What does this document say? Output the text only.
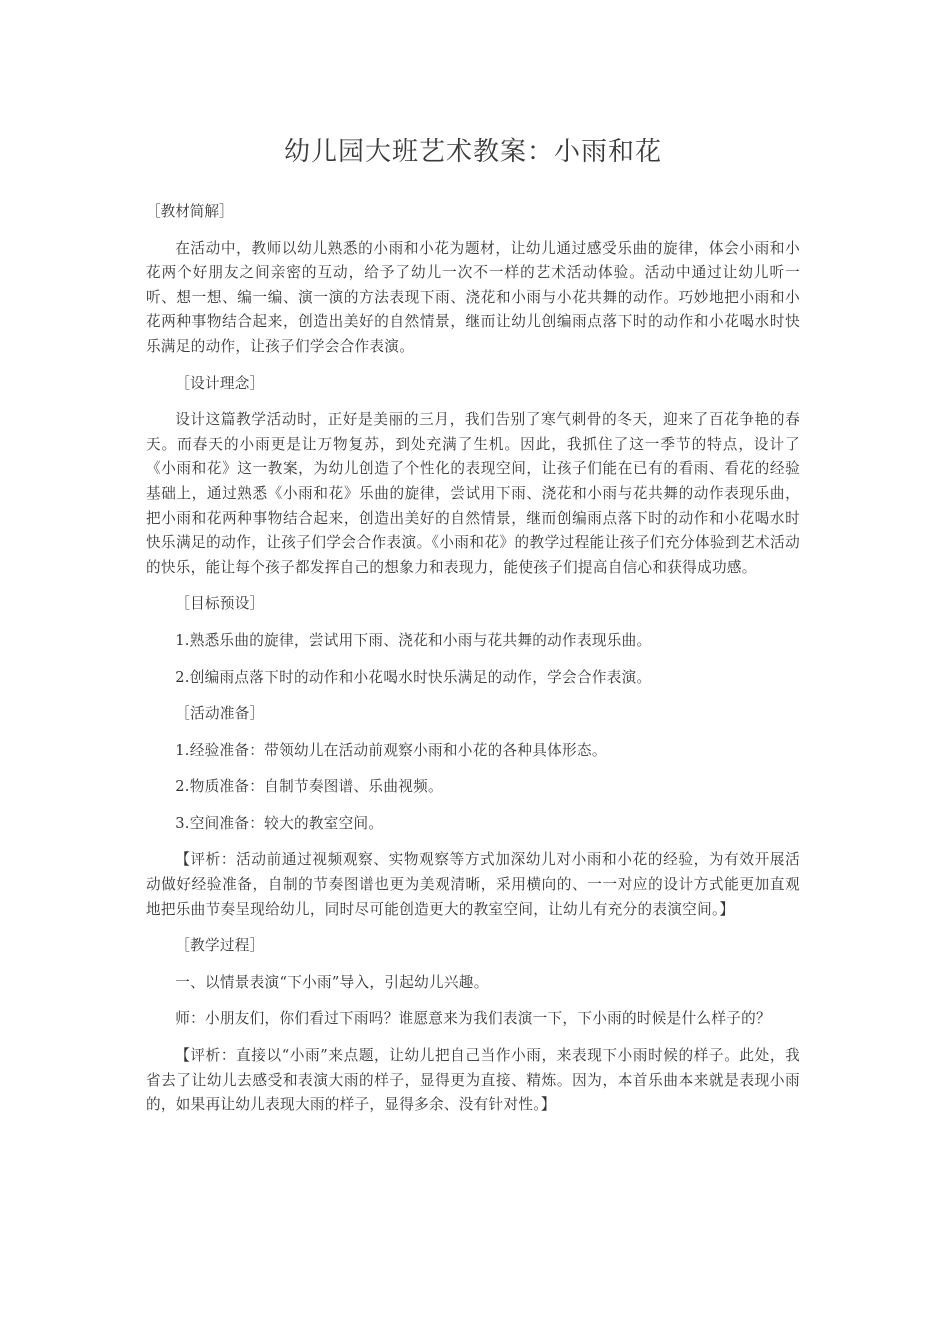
幼儿园大班艺术教案：小雨和花
［教材简解］
在活动中，教师以幼儿熟悉的小雨和小花为题材，让幼儿通过感受乐曲的旋律，体会小雨和小花两个好朋友之间亲密的互动，给予了幼儿一次不一样的艺术活动体验。活动中通过让幼儿听一听、想一想、编一编、演一演的方法表现下雨、浇花和小雨与小花共舞的动作。巧妙地把小雨和小花两种事物结合起来，创造出美好的自然情景，继而让幼儿创编雨点落下时的动作和小花喝水时快乐满足的动作，让孩子们学会合作表演。
［设计理念］
设计这篇教学活动时，正好是美丽的三月，我们告别了寒气刺骨的冬天，迎来了百花争艳的春天。而春天的小雨更是让万物复苏，到处充满了生机。因此，我抓住了这一季节的特点，设计了《小雨和花》这一教案，为幼儿创造了个性化的表现空间，让孩子们能在已有的看雨、看花的经验基础上，通过熟悉《小雨和花》乐曲的旋律，尝试用下雨、浇花和小雨与花共舞的动作表现乐曲，把小雨和花两种事物结合起来，创造出美好的自然情景，继而创编雨点落下时的动作和小花喝水时快乐满足的动作，让孩子们学会合作表演。《小雨和花》的教学过程能让孩子们充分体验到艺术活动的快乐，能让每个孩子都发挥自己的想象力和表现力，能使孩子们提高自信心和获得成功感。
［目标预设］
1.熟悉乐曲的旋律，尝试用下雨、浇花和小雨与花共舞的动作表现乐曲。
2.创编雨点落下时的动作和小花喝水时快乐满足的动作，学会合作表演。
［活动准备］
1.经验准备：带领幼儿在活动前观察小雨和小花的各种具体形态。
2.物质准备：自制节奏图谱、乐曲视频。
3.空间准备：较大的教室空间。
【评析：活动前通过视频观察、实物观察等方式加深幼儿对小雨和小花的经验，为有效开展活动做好经验准备，自制的节奏图谱也更为美观清晰，采用横向的、一一对应的设计方式能更加直观地把乐曲节奏呈现给幼儿，同时尽可能创造更大的教室空间，让幼儿有充分的表演空间。】
［教学过程］
一、以情景表演“下小雨”导入，引起幼儿兴趣。
师：小朋友们，你们看过下雨吗？谁愿意来为我们表演一下，下小雨的时候是什么样子的？
【评析：直接以“小雨”来点题，让幼儿把自己当作小雨，来表现下小雨时候的样子。此处，我省去了让幼儿去感受和表演大雨的样子，显得更为直接、精炼。因为，本首乐曲本来就是表现小雨的，如果再让幼儿表现大雨的样子，显得多余、没有针对性。】
